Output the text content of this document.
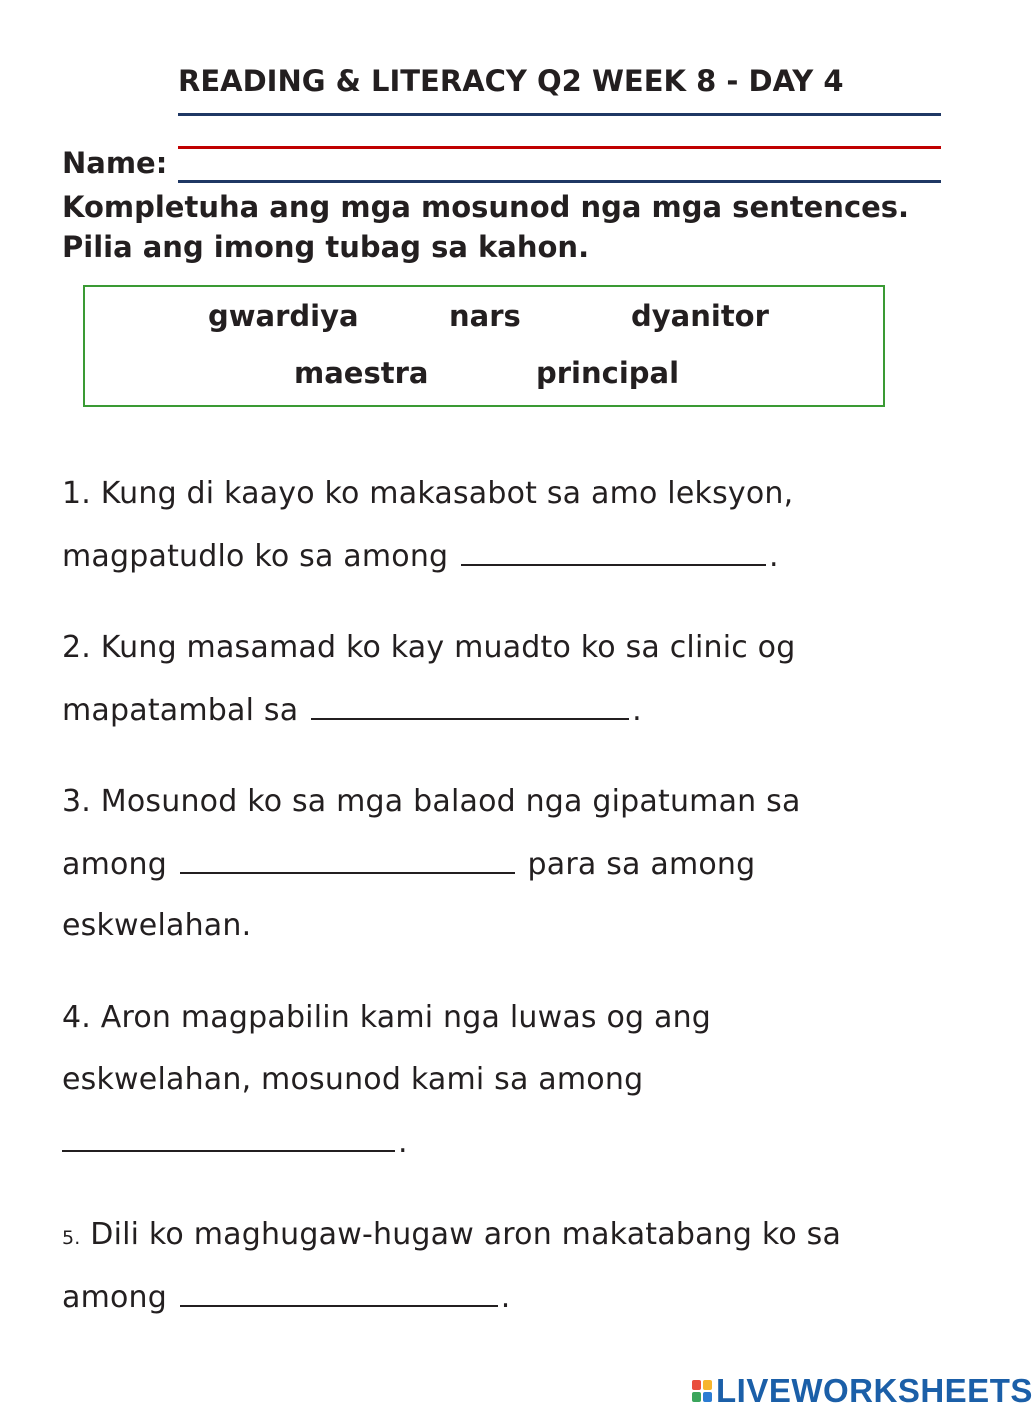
READING & LITERACY Q2 WEEK 8 - DAY 4
Name:
Kompletuha ang mga mosunod nga mga sentences.
Pilia ang imong tubag sa kahon.
gwardiya	nars	dyanitor
maestra	principal
1. Kung di kaayo ko makasabot sa amo leksyon,
magpatudlo ko sa among	.
2. Kung masamad ko kay muadto ko sa clinic og
mapatambal sa	.
3. Mosunod ko sa mga balaod nga gipatuman sa
among	para sa among
eskwelahan.
4. Aron magpabilin kami nga luwas og ang
eskwelahan, mosunod kami sa among
.
5. Dili ko maghugaw-hugaw aron makatabang ko sa
among	.
LIVEWORKSHEETS
